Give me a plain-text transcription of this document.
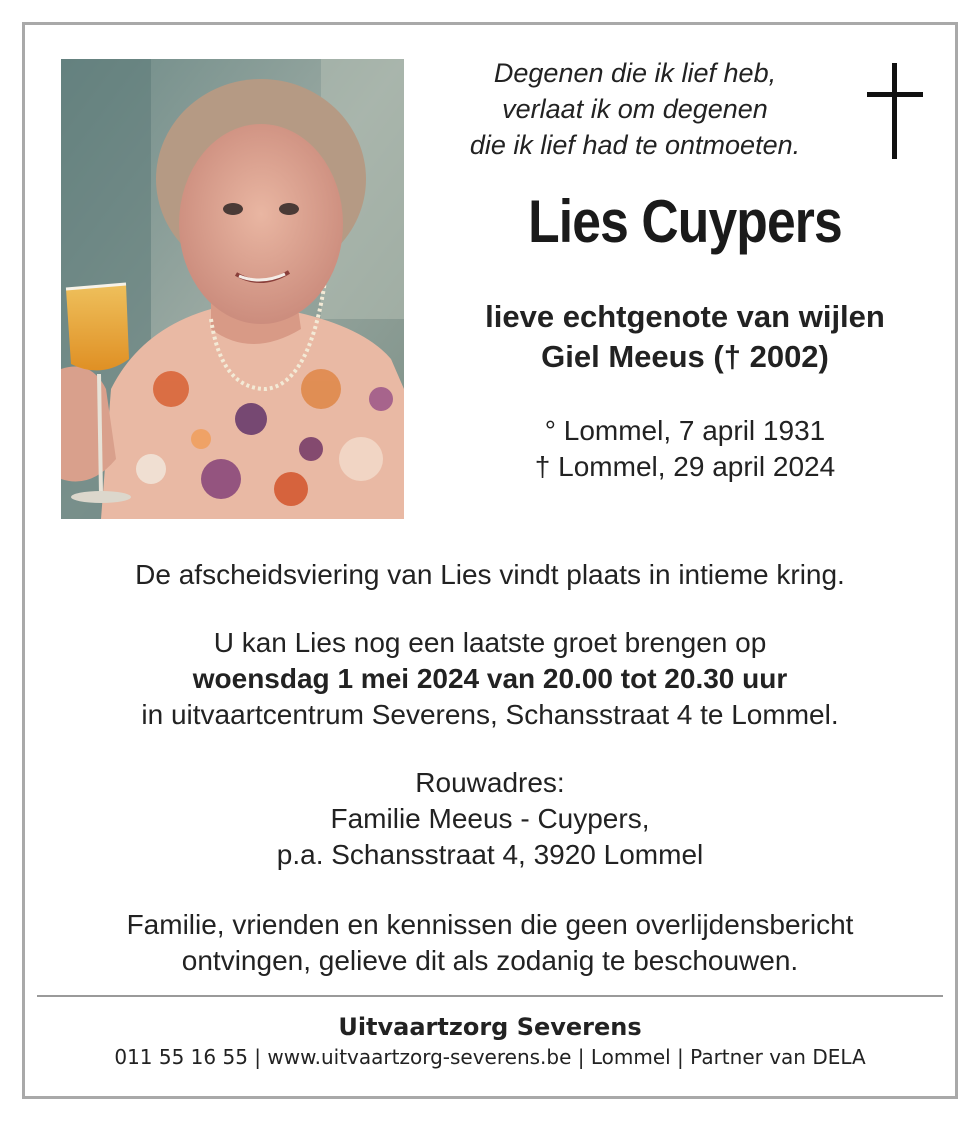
Degenen die ik lief heb,
verlaat ik om degenen
die ik lief had te ontmoeten.
Lies Cuypers
lieve echtgenote van wijlen
Giel Meeus († 2002)
° Lommel, 7 april 1931
† Lommel, 29 april 2024
De afscheidsviering van Lies vindt plaats in intieme kring.
U kan Lies nog een laatste groet brengen op
woensdag 1 mei 2024 van 20.00 tot 20.30 uur
in uitvaartcentrum Severens, Schansstraat 4 te Lommel.
Rouwadres:
Familie Meeus - Cuypers,
p.a. Schansstraat 4, 3920 Lommel
Familie, vrienden en kennissen die geen overlijdensbericht
ontvingen, gelieve dit als zodanig te beschouwen.
Uitvaartzorg Severens
011 55 16 55 | www.uitvaartzorg-severens.be | Lommel | Partner van DELA
